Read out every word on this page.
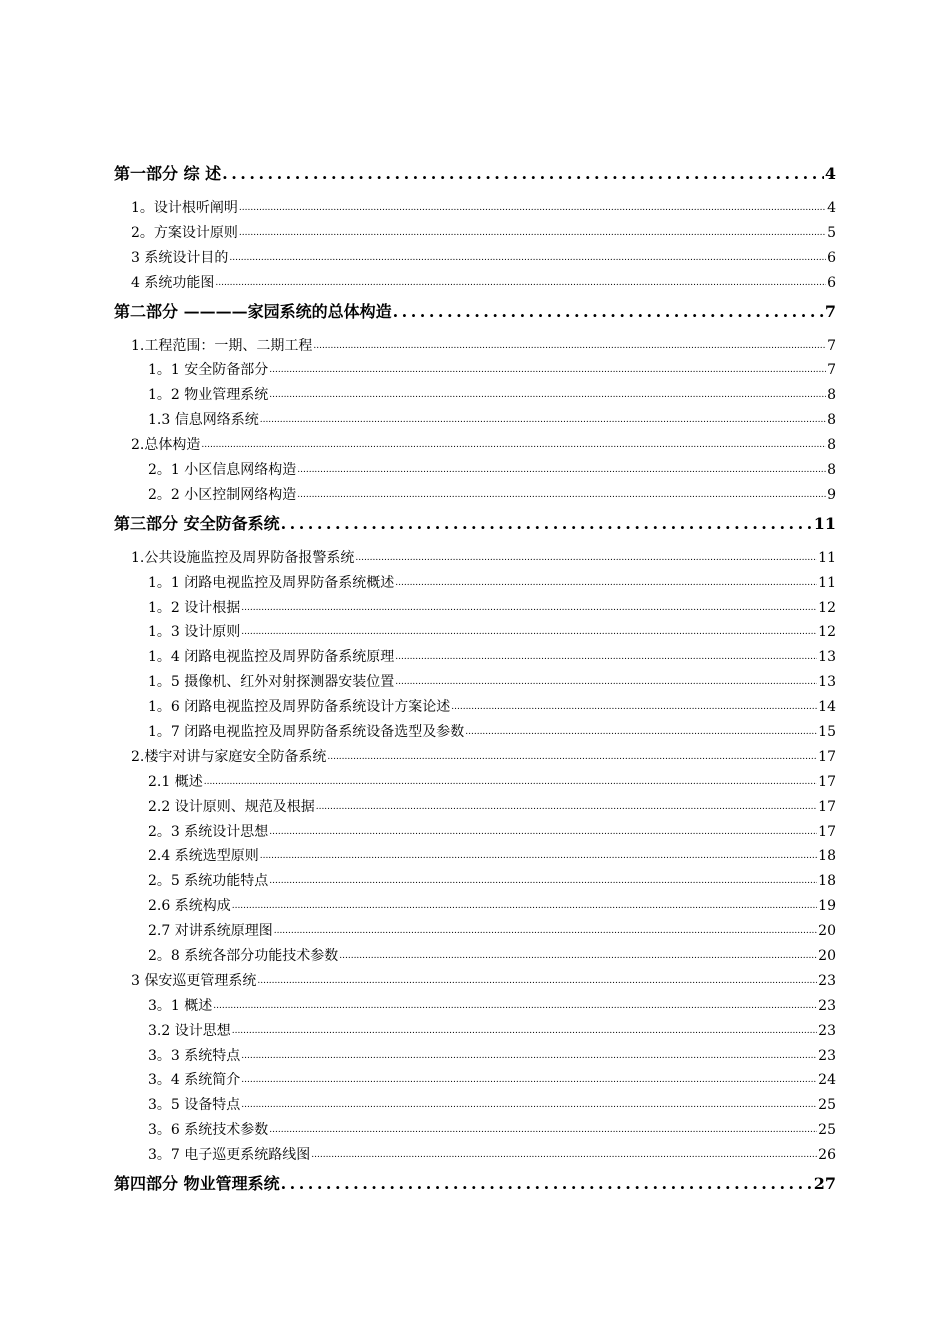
第一部分 综 述 .....	4
1。设计根听阐明 .....	4
2。方案设计原则 .....	5
3 系统设计目的 .....	6
4 系统功能图 .....	6
第二部分 ————家园系统的总体构造 .....	7
1.工程范围：一期、二期工程 .....	7
1。1 安全防备部分 .....	7
1。2 物业管理系统 .....	8
1.3 信息网络系统 .....	8
2.总体构造 .....	8
2。1 小区信息网络构造 .....	8
2。2 小区控制网络构造 .....	9
第三部分 安全防备系统 .....	11
1.公共设施监控及周界防备报警系统 .....	11
1。1 闭路电视监控及周界防备系统概述 .....	11
1。2 设计根据 .....	12
1。3 设计原则 .....	12
1。4 闭路电视监控及周界防备系统原理 .....	13
1。5 摄像机、红外对射探测器安装位置 .....	13
1。6 闭路电视监控及周界防备系统设计方案论述 .....	14
1。7 闭路电视监控及周界防备系统设备选型及参数 .....	15
2.楼宇对讲与家庭安全防备系统 .....	17
2.1 概述 .....	17
2.2 设计原则、规范及根据 .....	17
2。3 系统设计思想 .....	17
2.4 系统选型原则 .....	18
2。5 系统功能特点 .....	18
2.6 系统构成 .....	19
2.7 对讲系统原理图 .....	20
2。8 系统各部分功能技术参数 .....	20
3 保安巡更管理系统 .....	23
3。1 概述 .....	23
3.2 设计思想 .....	23
3。3 系统特点 .....	23
3。4 系统简介 .....	24
3。5 设备特点 .....	25
3。6 系统技术参数 .....	25
3。7 电子巡更系统路线图 .....	26
第四部分 物业管理系统 .....	27
